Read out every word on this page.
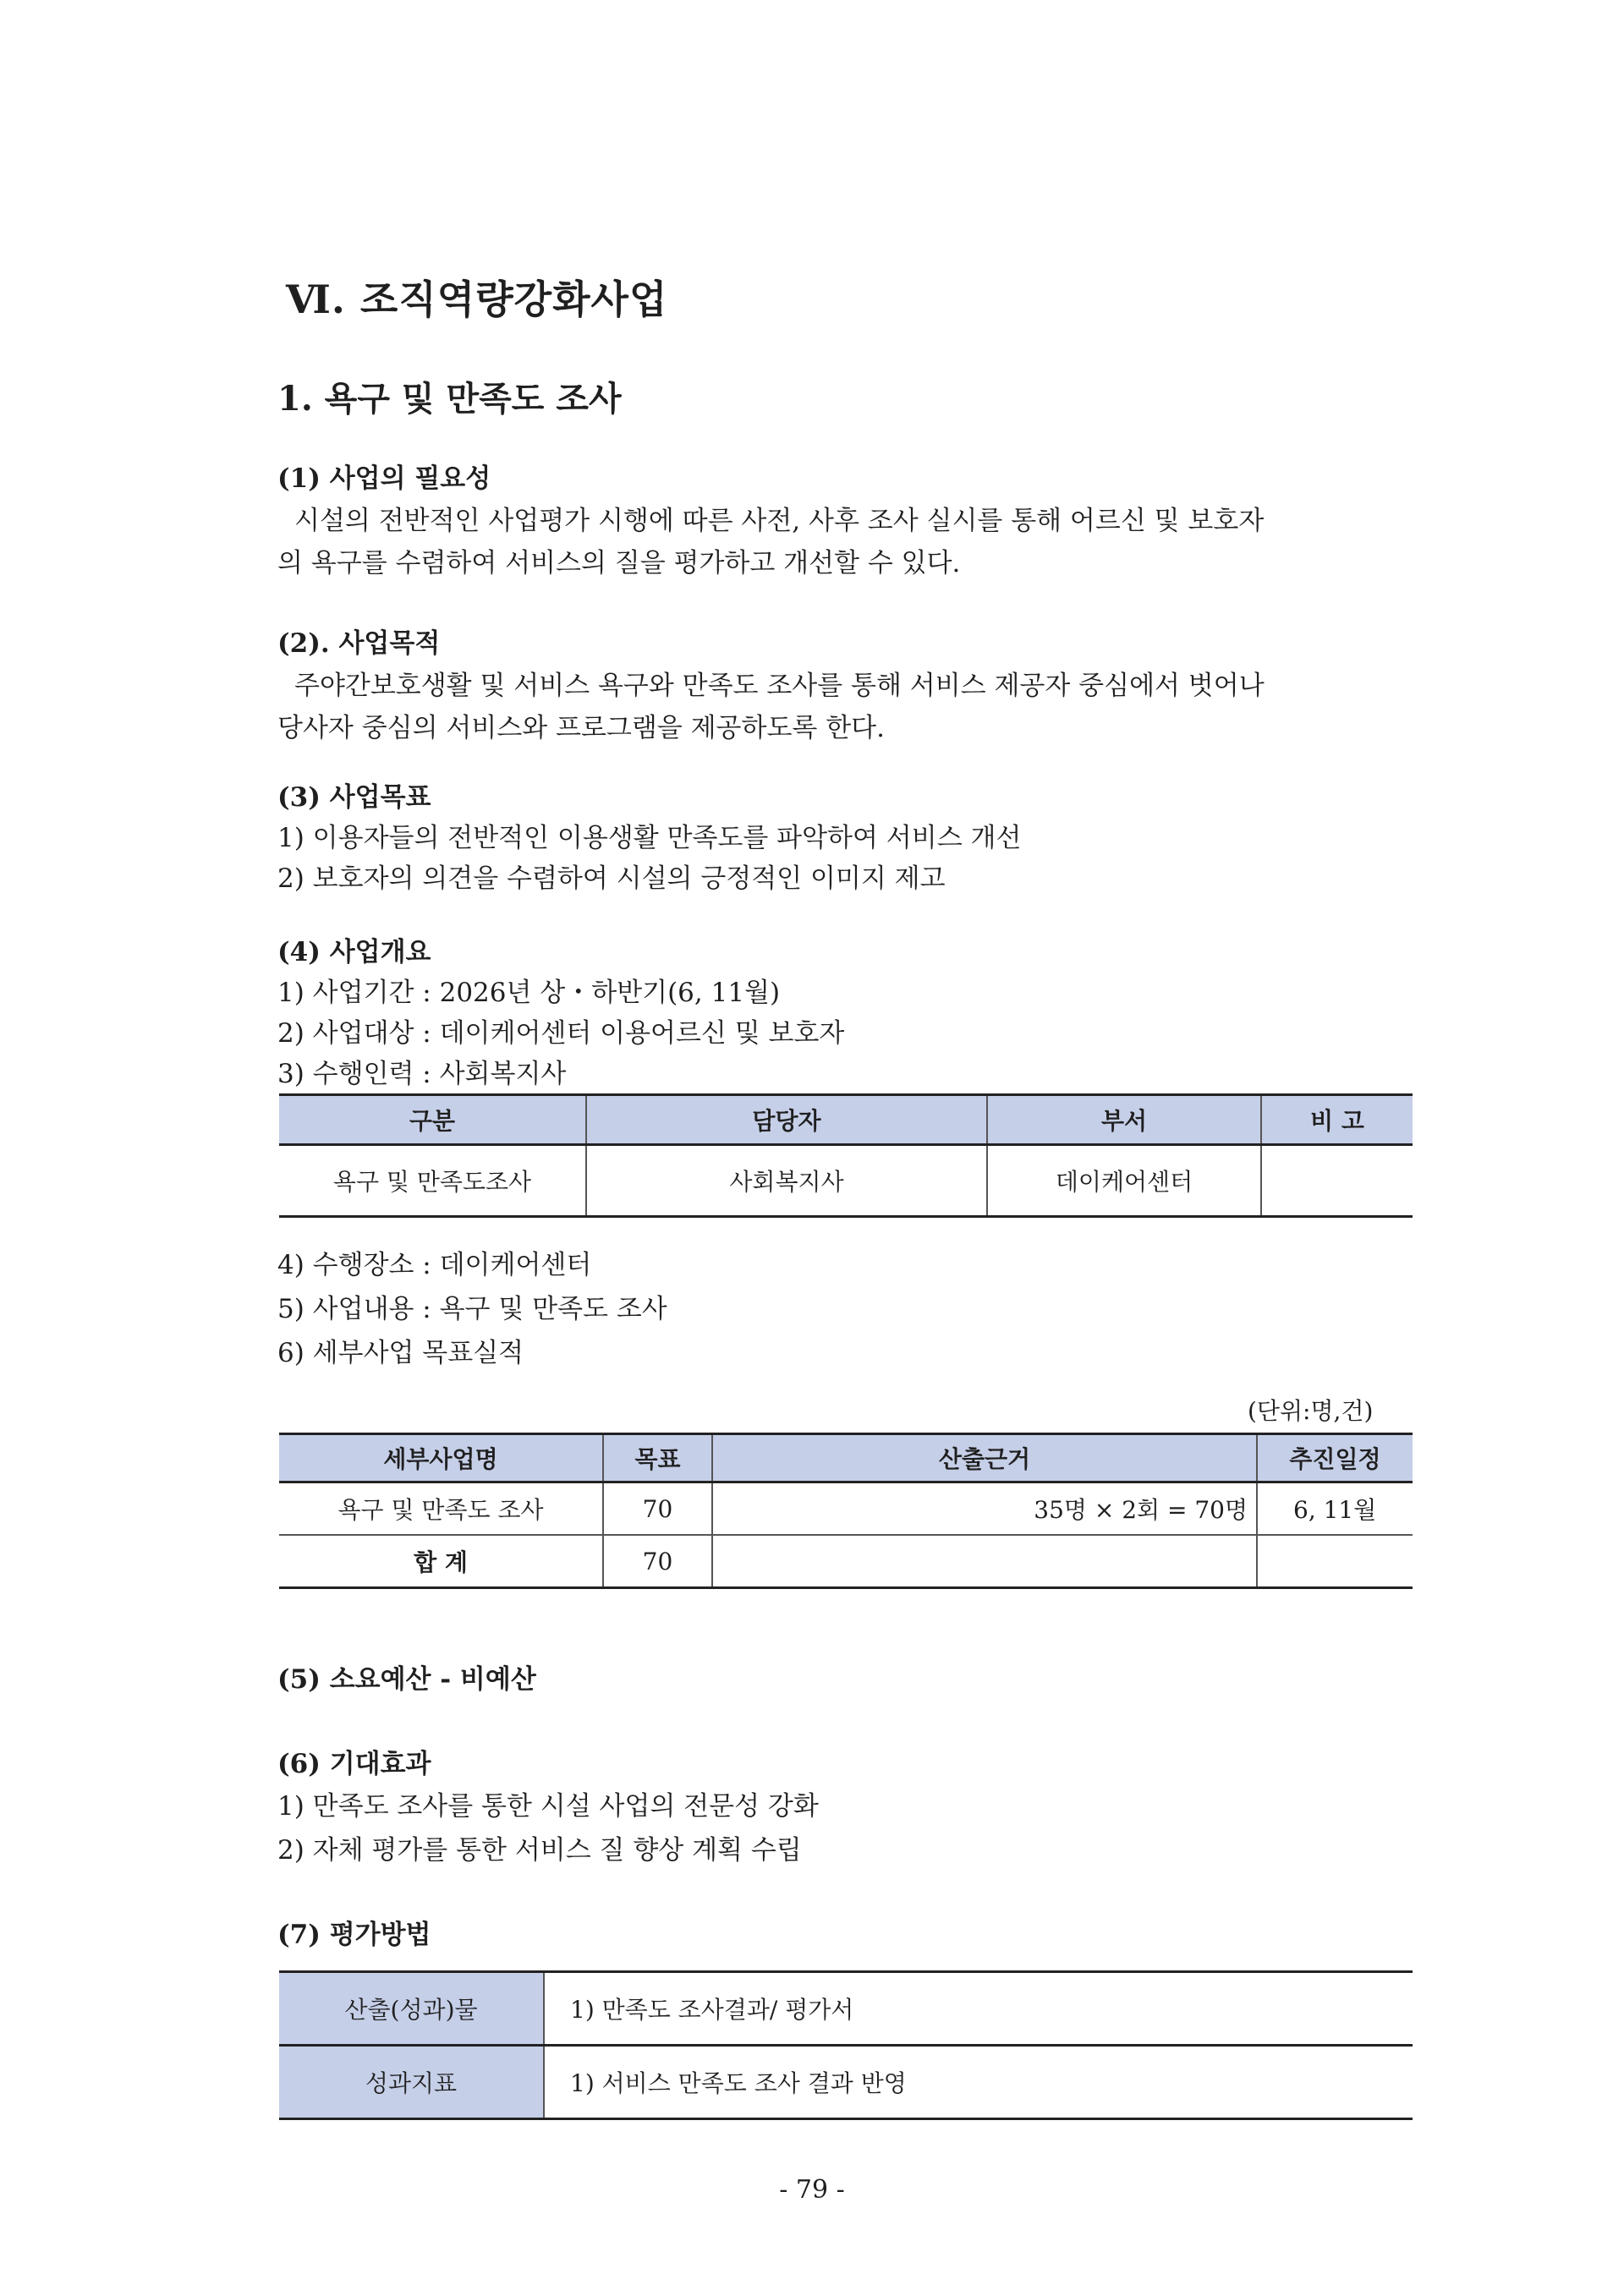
Ⅵ. 조직역량강화사업
1. 욕구 및 만족도 조사
(1) 사업의 필요성
시설의 전반적인 사업평가 시행에 따른 사전, 사후 조사 실시를 통해 어르신 및 보호자
의 욕구를 수렴하여 서비스의 질을 평가하고 개선할 수 있다.
(2). 사업목적
주야간보호생활 및 서비스 욕구와 만족도 조사를 통해 서비스 제공자 중심에서 벗어나
당사자 중심의 서비스와 프로그램을 제공하도록 한다.
(3) 사업목표
1) 이용자들의 전반적인 이용생활 만족도를 파악하여 서비스 개선
2) 보호자의 의견을 수렴하여 시설의 긍정적인 이미지 제고
(4) 사업개요
1) 사업기간 : 2026년 상・하반기(6, 11월)
2) 사업대상 : 데이케어센터 이용어르신 및 보호자
3) 수행인력 : 사회복지사
구분	담당자	부서	비 고
욕구 및 만족도조사	사회복지사	데이케어센터	
4) 수행장소 : 데이케어센터
5) 사업내용 : 욕구 및 만족도 조사
6) 세부사업 목표실적
(단위:명,건)
세부사업명	목표	산출근거	추진일정
욕구 및 만족도 조사	70	35명 × 2회 = 70명	6, 11월
합 계	70		
(5) 소요예산 - 비예산
(6) 기대효과
1) 만족도 조사를 통한 시설 사업의 전문성 강화
2) 자체 평가를 통한 서비스 질 향상 계획 수립
(7) 평가방법
산출(성과)물	1) 만족도 조사결과/ 평가서
성과지표	1) 서비스 만족도 조사 결과 반영
- 79 -
